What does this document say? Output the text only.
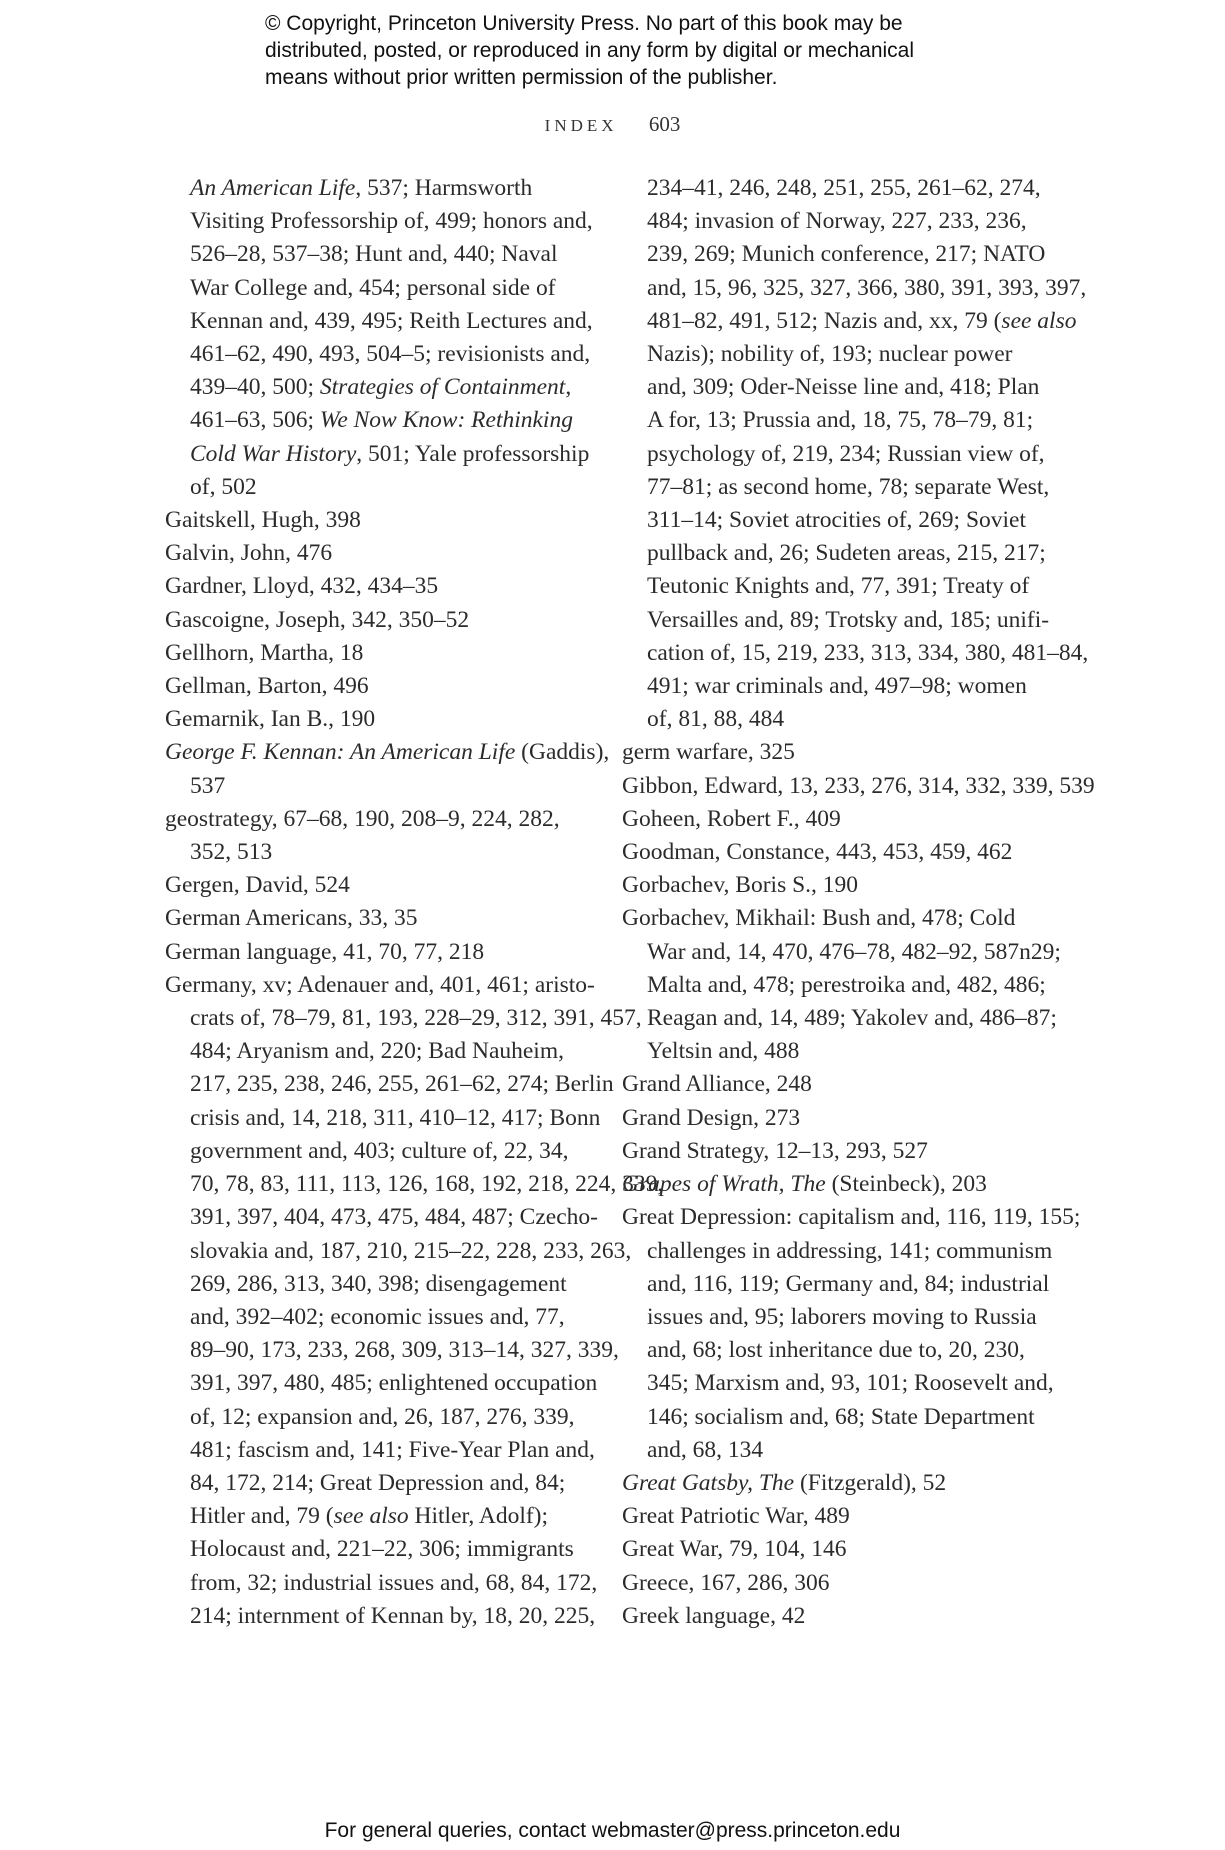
© Copyright, Princeton University Press. No part of this book may be

distributed, posted, or reproduced in any form by digital or mechanical

means without prior written permission of the publisher.

INDEX 603
An American Life, 537; Harmsworth
Visiting Professorship of, 499; honors and,
526–28, 537–38; Hunt and, 440; Naval
War College and, 454; personal side of
Kennan and, 439, 495; Reith Lectures and,
461–62, 490, 493, 504–5; revisionists and,
439–40, 500; Strategies of Containment,
461–63, 506; We Now Know: Rethinking
Cold War History, 501; Yale professorship
of, 502
Gaitskell, Hugh, 398
Galvin, John, 476
Gardner, Lloyd, 432, 434–35
Gascoigne, Joseph, 342, 350–52
Gellhorn, Martha, 18
Gellman, Barton, 496
Gemarnik, Ian B., 190
George F. Kennan: An American Life (Gaddis),
537
geostrategy, 67–68, 190, 208–9, 224, 282,
352, 513
Gergen, David, 524
German Americans, 33, 35
German language, 41, 70, 77, 218
Germany, xv; Adenauer and, 401, 461; aristo-
crats of, 78–79, 81, 193, 228–29, 312, 391, 457,
484; Aryanism and, 220; Bad Nauheim,
217, 235, 238, 246, 255, 261–62, 274; Berlin
crisis and, 14, 218, 311, 410–12, 417; Bonn
government and, 403; culture of, 22, 34,
70, 78, 83, 111, 113, 126, 168, 192, 218, 224, 339,
391, 397, 404, 473, 475, 484, 487; Czecho-
slovakia and, 187, 210, 215–22, 228, 233, 263,
269, 286, 313, 340, 398; disengagement
and, 392–402; economic issues and, 77,
89–90, 173, 233, 268, 309, 313–14, 327, 339,
391, 397, 480, 485; enlightened occupation
of, 12; expansion and, 26, 187, 276, 339,
481; fascism and, 141; Five-Year Plan and,
84, 172, 214; Great Depression and, 84;
Hitler and, 79 (see also Hitler, Adolf);
Holocaust and, 221–22, 306; immigrants
from, 32; industrial issues and, 68, 84, 172,
214; internment of Kennan by, 18, 20, 225,
234–41, 246, 248, 251, 255, 261–62, 274,
484; invasion of Norway, 227, 233, 236,
239, 269; Munich conference, 217; NATO
and, 15, 96, 325, 327, 366, 380, 391, 393, 397,
481–82, 491, 512; Nazis and, xx, 79 (see also
Nazis); nobility of, 193; nuclear power
and, 309; Oder-Neisse line and, 418; Plan
A for, 13; Prussia and, 18, 75, 78–79, 81;
psychology of, 219, 234; Russian view of,
77–81; as second home, 78; separate West,
311–14; Soviet atrocities of, 269; Soviet
pullback and, 26; Sudeten areas, 215, 217;
Teutonic Knights and, 77, 391; Treaty of
Versailles and, 89; Trotsky and, 185; unifi-
cation of, 15, 219, 233, 313, 334, 380, 481–84,
491; war criminals and, 497–98; women
of, 81, 88, 484
germ warfare, 325
Gibbon, Edward, 13, 233, 276, 314, 332, 339, 539
Goheen, Robert F., 409
Goodman, Constance, 443, 453, 459, 462
Gorbachev, Boris S., 190
Gorbachev, Mikhail: Bush and, 478; Cold
War and, 14, 470, 476–78, 482–92, 587n29;
Malta and, 478; perestroika and, 482, 486;
Reagan and, 14, 489; Yakolev and, 486–87;
Yeltsin and, 488
Grand Alliance, 248
Grand Design, 273
Grand Strategy, 12–13, 293, 527
Grapes of Wrath, The (Steinbeck), 203
Great Depression: capitalism and, 116, 119, 155;
challenges in addressing, 141; communism
and, 116, 119; Germany and, 84; industrial
issues and, 95; laborers moving to Russia
and, 68; lost inheritance due to, 20, 230,
345; Marxism and, 93, 101; Roosevelt and,
146; socialism and, 68; State Department
and, 68, 134
Great Gatsby, The (Fitzgerald), 52
Great Patriotic War, 489
Great War, 79, 104, 146
Greece, 167, 286, 306
Greek language, 42
For general queries, contact webmaster@press.princeton.edu
